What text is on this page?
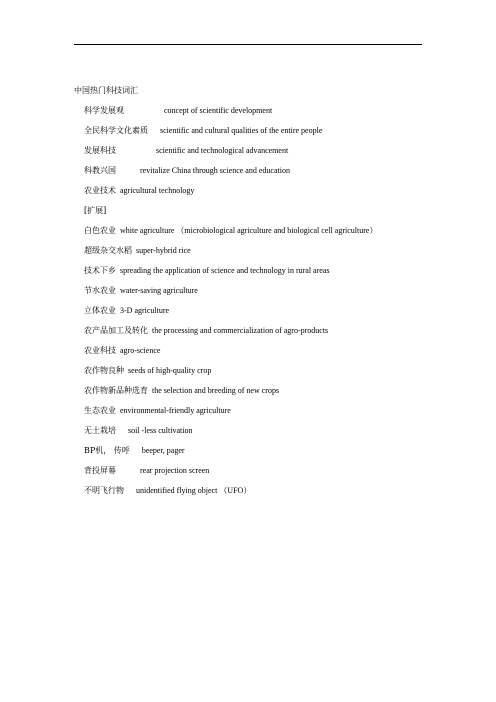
中国热门科技词汇
科学发展观	concept of scientific development
全民科学文化素质 scientific and cultural qualities of the entire people
发展科技	scientific and technological advancement
科教兴国	revitalize China through science and education
农业技术 agricultural technology
[扩展]
白色农业 white agriculture （microbiological agriculture and biological cell agriculture）
超级杂交水稻 super-hybrid rice
技术下乡 spreading the application of science and technology in rural areas
节水农业 water-saving agriculture
立体农业 3-D agriculture
农产品加工及转化 the processing and commercialization of agro-products
农业科技 agro-science
农作物良种 seeds of high-quality crop
农作物新品种选育 the selection and breeding of new crops
生态农业 environmental-friendly agriculture
无土栽培 soil -less cultivation
BP机， 传呼 beeper, pager
背投屏幕	rear projection screen
不明飞行物 unidentified flying object （UFO）
